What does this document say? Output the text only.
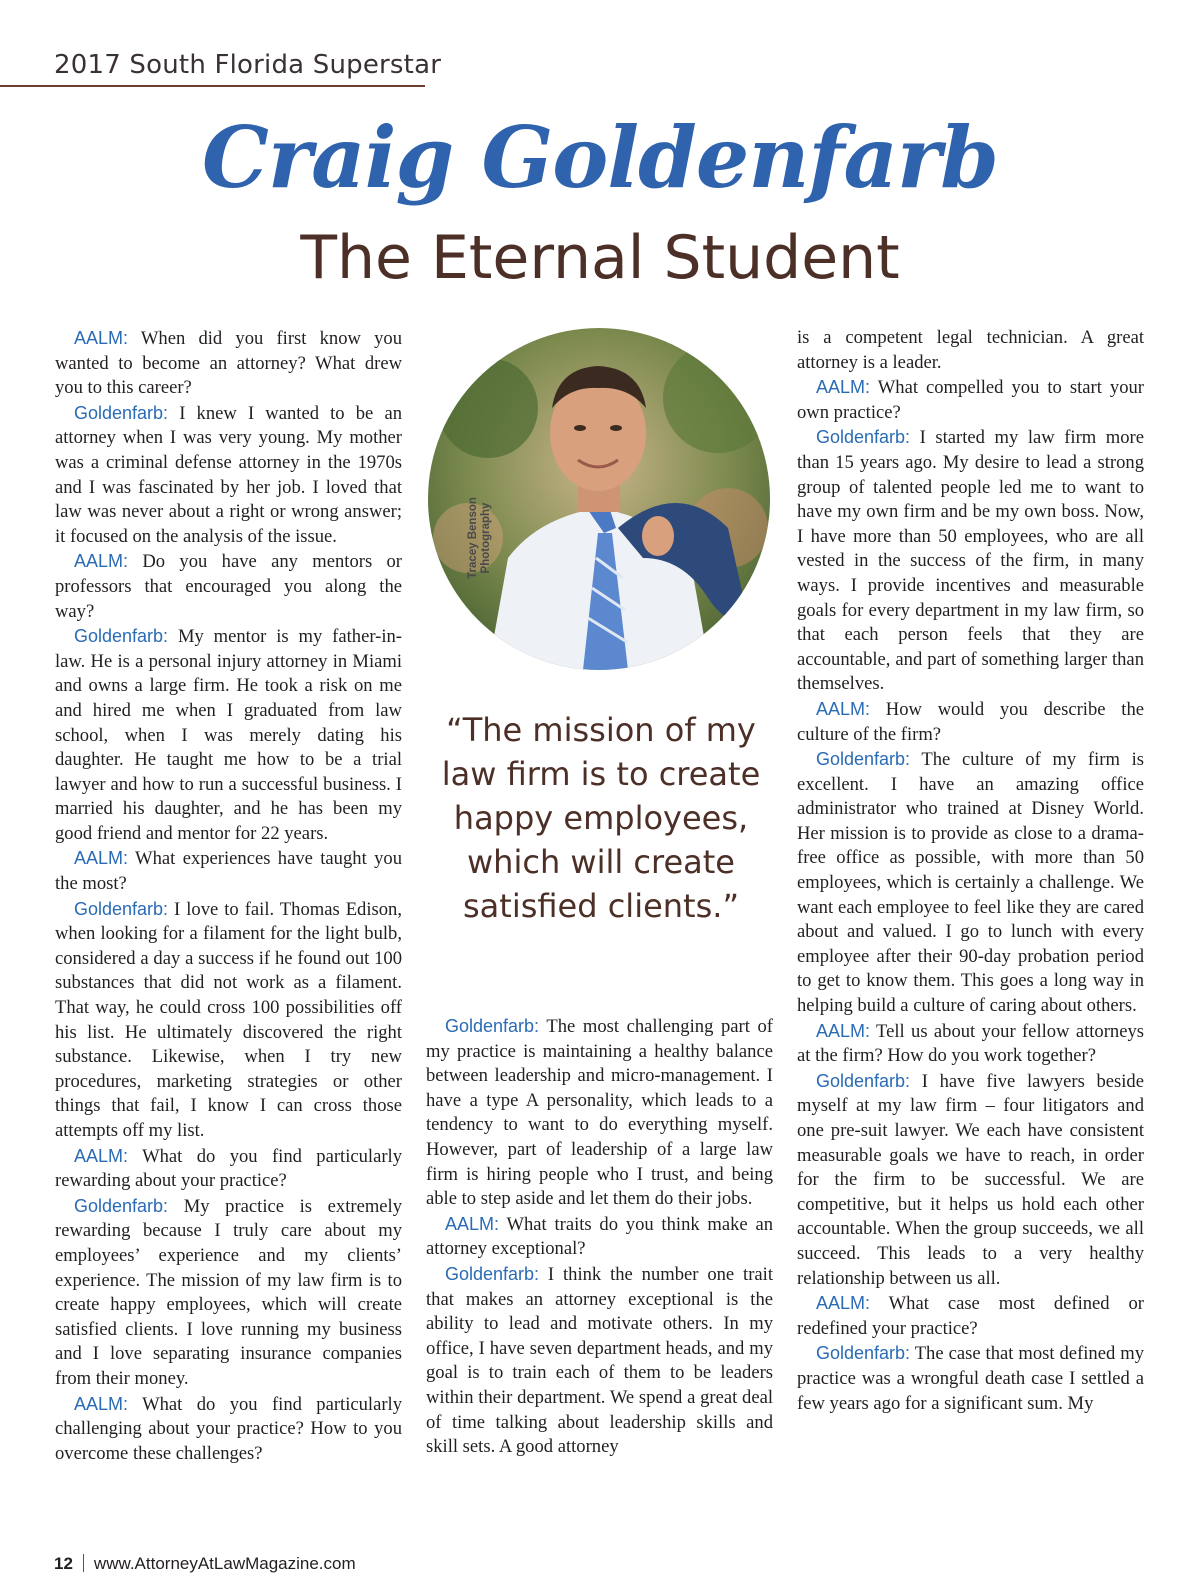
2017 South Florida Superstar
Craig Goldenfarb
The Eternal Student

AALM: When did you first know you wanted to become an attorney? What drew you to this career?

Goldenfarb: I knew I wanted to be an attorney when I was very young. My mother was a criminal defense attorney in the 1970s and I was fascinated by her job. I loved that law was never about a right or wrong answer; it focused on the analysis of the issue.

AALM: Do you have any mentors or professors that encouraged you along the way?

Goldenfarb: My mentor is my father-in-law. He is a personal injury attorney in Miami and owns a large firm. He took a risk on me and hired me when I graduated from law school, when I was merely dating his daughter. He taught me how to be a trial lawyer and how to run a successful business. I married his daughter, and he has been my good friend and mentor for 22 years.

AALM: What experiences have taught you the most?

Goldenfarb: I love to fail. Thomas Edison, when looking for a filament for the light bulb, considered a day a success if he found out 100 substances that did not work as a filament. That way, he could cross 100 possibilities off his list. He ultimately discovered the right substance. Likewise, when I try new procedures, marketing strategies or other things that fail, I know I can cross those attempts off my list.

AALM: What do you find particularly rewarding about your practice?

Goldenfarb: My practice is extremely rewarding because I truly care about my employees’ experience and my clients’ experience. The mission of my law firm is to create happy employees, which will create satisfied clients. I love running my business and I love separating insurance companies from their money.

AALM: What do you find particularly challenging about your practice? How to you overcome these challenges?

Tracey Benson Photography
“The mission of my law firm is to create happy employees, which will create satisfied clients.”

Goldenfarb: The most challenging part of my practice is maintaining a healthy balance between leadership and micro-management. I have a type A personality, which leads to a tendency to want to do everything myself. However, part of leadership of a large law firm is hiring people who I trust, and being able to step aside and let them do their jobs.

AALM: What traits do you think make an attorney exceptional?

Goldenfarb: I think the number one trait that makes an attorney exceptional is the ability to lead and motivate others. In my office, I have seven department heads, and my goal is to train each of them to be leaders within their department. We spend a great deal of time talking about leadership skills and skill sets. A good attorney

is a competent legal technician. A great attorney is a leader.

AALM: What compelled you to start your own practice?

Goldenfarb: I started my law firm more than 15 years ago. My desire to lead a strong group of talented people led me to want to have my own firm and be my own boss. Now, I have more than 50 employees, who are all vested in the success of the firm, in many ways. I provide incentives and measurable goals for every department in my law firm, so that each person feels that they are accountable, and part of something larger than themselves.

AALM: How would you describe the culture of the firm?

Goldenfarb: The culture of my firm is excellent. I have an amazing office administrator who trained at Disney World. Her mission is to provide as close to a drama-free office as possible, with more than 50 employees, which is certainly a challenge. We want each employee to feel like they are cared about and valued. I go to lunch with every employee after their 90-day probation period to get to know them. This goes a long way in helping build a culture of caring about others.

AALM: Tell us about your fellow attorneys at the firm? How do you work together?

Goldenfarb: I have five lawyers beside myself at my law firm – four litigators and one pre-suit lawyer. We each have consistent measurable goals we have to reach, in order for the firm to be successful. We are competitive, but it helps us hold each other accountable. When the group succeeds, we all succeed. This leads to a very healthy relationship between us all.

AALM: What case most defined or redefined your practice?

Goldenfarb: The case that most defined my practice was a wrongful death case I settled a few years ago for a significant sum. My

12 www.AttorneyAtLawMagazine.com
